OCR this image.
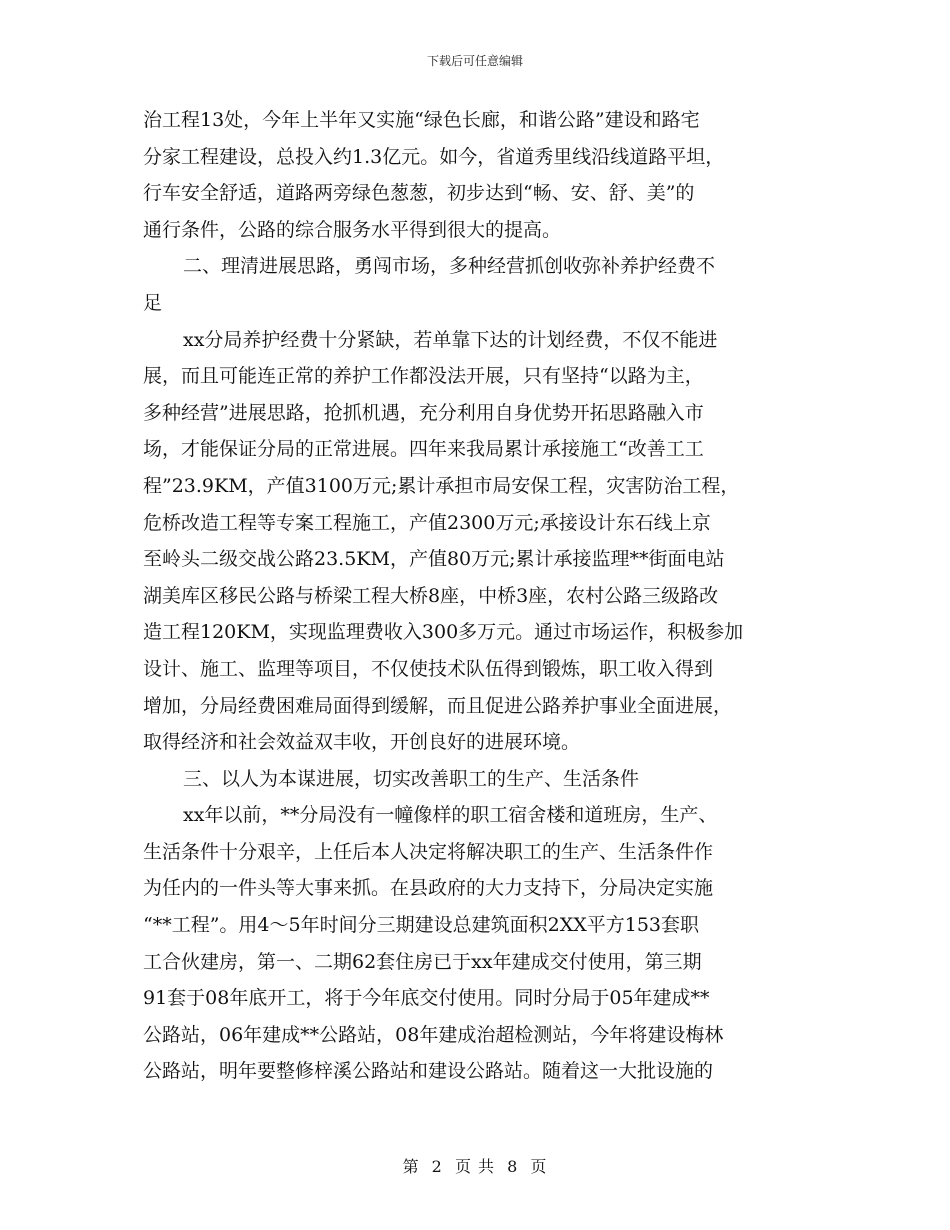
下载后可任意编辑
治工程13处，今年上半年又实施“绿色长廊，和谐公路”建设和路宅
分家工程建设，总投入约1.3亿元。如今，省道秀里线沿线道路平坦，
行车安全舒适，道路两旁绿色葱葱，初步达到“畅、安、舒、美”的
通行条件，公路的综合服务水平得到很大的提高。
二、理清进展思路，勇闯市场，多种经营抓创收弥补养护经费不
足
xx分局养护经费十分紧缺，若单靠下达的计划经费，不仅不能进
展，而且可能连正常的养护工作都没法开展，只有坚持“以路为主，
多种经营”进展思路，抢抓机遇，充分利用自身优势开拓思路融入市
场，才能保证分局的正常进展。四年来我局累计承接施工“改善工工
程”23.9KM，产值3100万元;累计承担市局安保工程，灾害防治工程，
危桥改造工程等专案工程施工，产值2300万元;承接设计东石线上京
至岭头二级交战公路23.5KM，产值80万元;累计承接监理**街面电站
湖美库区移民公路与桥梁工程大桥8座，中桥3座，农村公路三级路改
造工程120KM，实现监理费收入300多万元。通过市场运作，积极参加
设计、施工、监理等项目，不仅使技术队伍得到锻炼，职工收入得到
增加，分局经费困难局面得到缓解，而且促进公路养护事业全面进展，
取得经济和社会效益双丰收，开创良好的进展环境。
三、以人为本谋进展，切实改善职工的生产、生活条件
xx年以前，**分局没有一幢像样的职工宿舍楼和道班房，生产、
生活条件十分艰辛，上任后本人决定将解决职工的生产、生活条件作
为任内的一件头等大事来抓。在县政府的大力支持下，分局决定实施
“**工程”。用4～5年时间分三期建设总建筑面积2XX平方153套职
工合伙建房，第一、二期62套住房已于xx年建成交付使用，第三期
91套于08年底开工，将于今年底交付使用。同时分局于05年建成**
公路站，06年建成**公路站，08年建成治超检测站，今年将建设梅林
公路站，明年要整修梓溪公路站和建设公路站。随着这一大批设施的
第 2 页 共 8 页
